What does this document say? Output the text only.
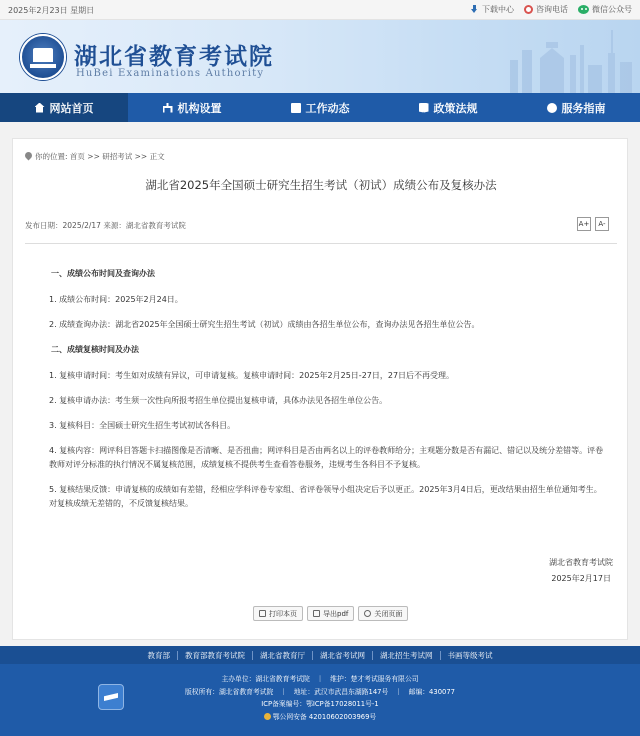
2025年2月23日 星期日	下载中心	咨询电话	微信公众号
湖北省教育考试院
HuBei Examinations Authority
网站首页	机构设置	工作动态	政策法规	服务指南
你的位置: 首页 >> 研招考试 >> 正文
湖北省2025年全国硕士研究生招生考试（初试）成绩公布及复核办法
发布日期：2025/2/17 来源：湖北省教育考试院	A+	A-
一、成绩公布时间及查询办法
1. 成绩公布时间：2025年2月24日。
2. 成绩查询办法：湖北省2025年全国硕士研究生招生考试（初试）成绩由各招生单位公布，查询办法见各招生单位公告。
二、成绩复核时间及办法
1. 复核申请时间：考生如对成绩有异议，可申请复核。复核申请时间：2025年2月25日-27日，27日后不再受理。
2. 复核申请办法：考生须一次性向所报考招生单位提出复核申请，具体办法见各招生单位公告。
3. 复核科目：全国硕士研究生招生考试初试各科目。
4. 复核内容：网评科目答题卡扫描图像是否清晰、是否扭曲；网评科目是否由两名以上的评卷教师给分；主观题分数是否有漏记、错记以及统分差错等。评卷教师对评分标准的执行情况不属复核范围，成绩复核不提供考生查看答卷服务，违规考生各科目不予复核。
5. 复核结果反馈：申请复核的成绩如有差错，经相应学科评卷专家组、省评卷领导小组决定后予以更正。2025年3月4日后，更改结果由招生单位通知考生。对复核成绩无差错的，不反馈复核结果。
湖北省教育考试院
2025年2月17日
打印本页	导出pdf	关闭页面
教育部	教育部教育考试院	湖北省教育厅	湖北省考试网	湖北招生考试网	书画等级考试
主办单位：湖北省教育考试院　｜　维护：楚才考试服务有限公司
版权所有：湖北省教育考试院　｜　地址：武汉市武昌东湖路147号　｜　邮编：430077
ICP备案编号：鄂ICP备17028011号-1
鄂公网安备 42010602003969号
